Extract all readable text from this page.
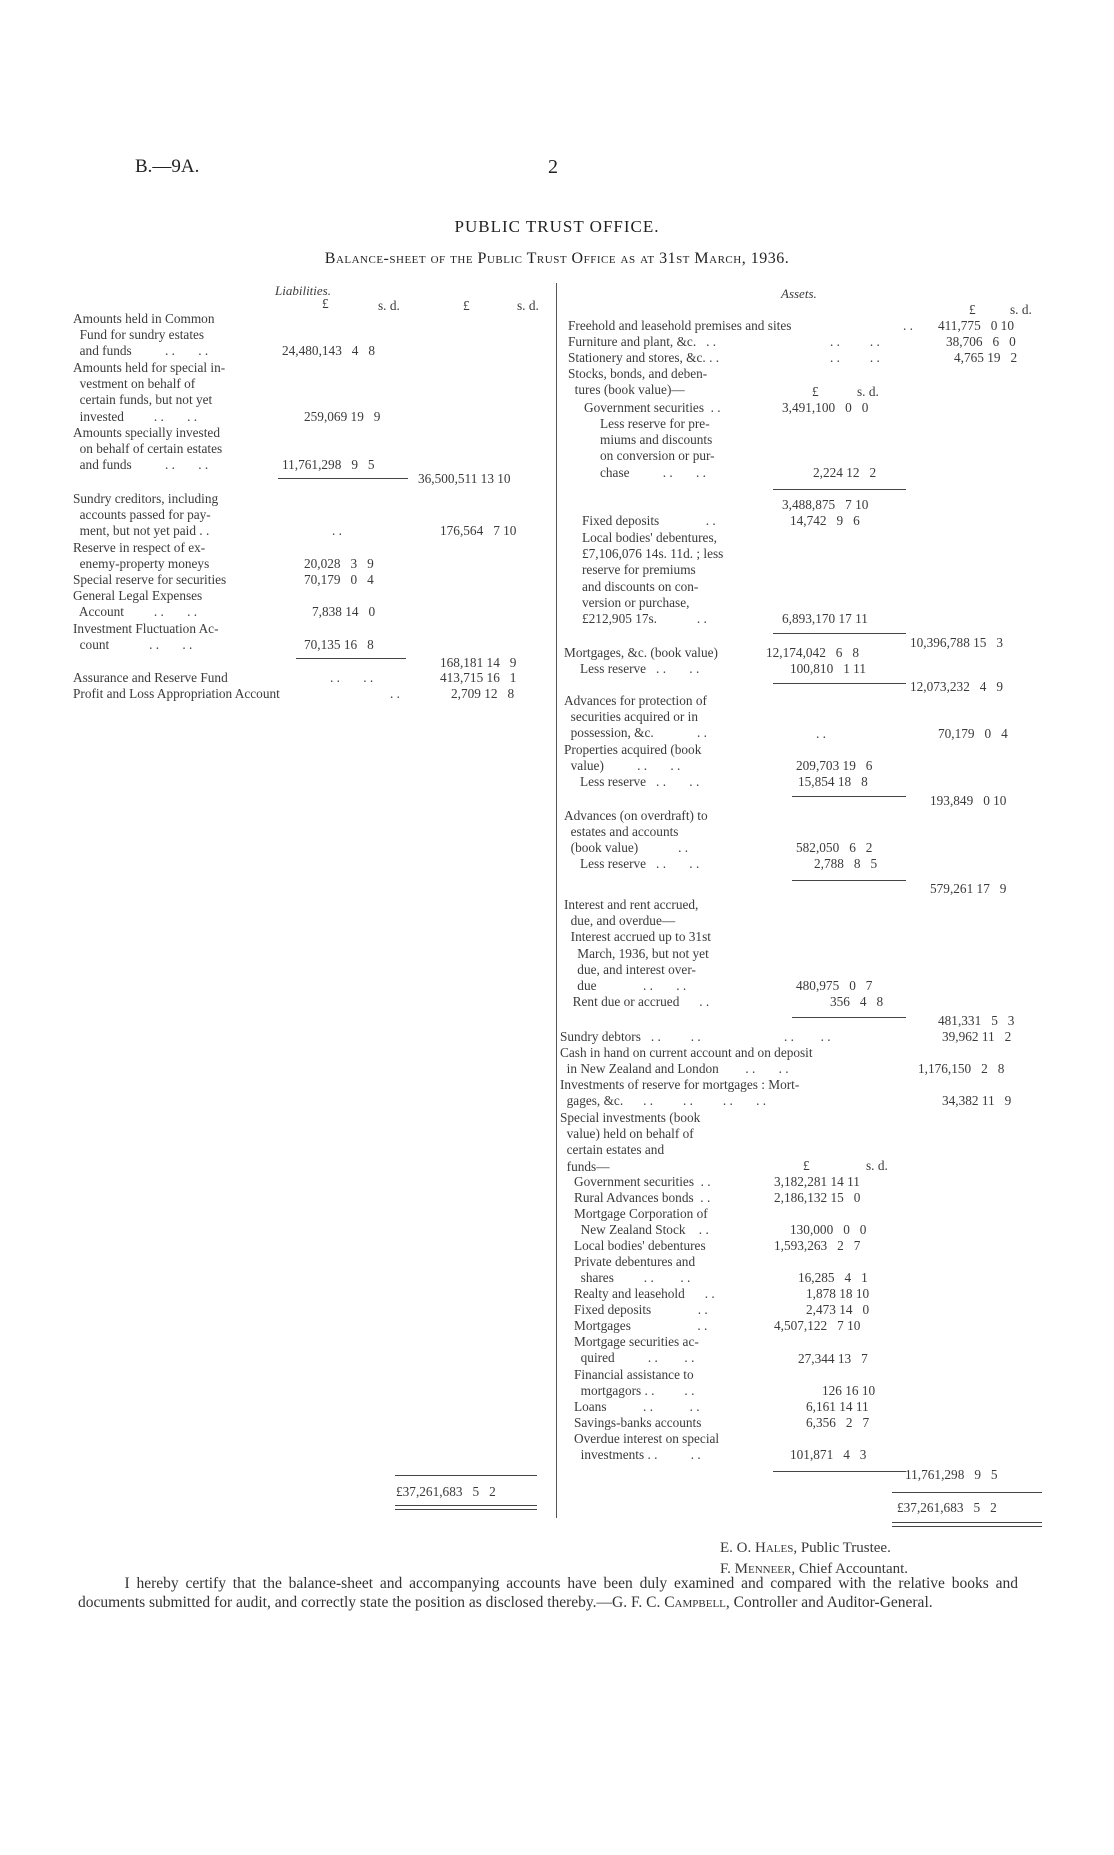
B.—9A.	2
PUBLIC TRUST OFFICE.
Balance-sheet of the Public Trust Office as at 31st March, 1936.
Liabilities.
£	s. d.	£	s. d.
Amounts held in Common
Fund for sundry estates
and funds          . .       . .	24,480,143   4   8
Amounts held for special in-
vestment on behalf of
certain funds, but not yet
invested         . .       . .	259,069 19   9
Amounts specially invested
on behalf of certain estates
and funds          . .       . .	11,761,298   9   5
36,500,511 13 10
Sundry creditors, including
accounts passed for pay-
ment, but not yet paid . .	. .	176,564   7 10
Reserve in respect of ex-
enemy-property moneys	20,028   3   9
Special reserve for securities	70,179   0   4
General Legal Expenses
Account         . .       . .	7,838 14   0
Investment Fluctuation Ac-
count            . .       . .	70,135 16   8
168,181 14   9
Assurance and Reserve Fund	. .       . .	413,715 16   1
Profit and Loss Appropriation Account	. .	2,709 12   8
£37,261,683   5   2
Assets.
£	s. d.
Freehold and leasehold premises and sites	. . 411,775   0 10
Furniture and plant, &c.   . .	. .         . .	38,706   6   0
Stationery and stores, &c. . .	. .         . .	4,765 19   2
Stocks, bonds, and deben-
tures (book value)—	£	s. d.
Government securities  . .	3,491,100   0   0
Less reserve for pre-
miums and discounts
on conversion or pur-
chase          . .       . .	2,224 12   2
3,488,875   7 10
Fixed deposits              . .	14,742   9   6
Local bodies' debentures,
£7,106,076 14s. 11d. ; less
reserve for premiums
and discounts on con-
version or purchase,
£212,905 17s.            . .	6,893,170 17 11
10,396,788 15   3
Mortgages, &c. (book value)	12,174,042   6   8
Less reserve   . .       . .	100,810   1 11
12,073,232   4   9
Advances for protection of
securities acquired or in
possession, &c.             . .	. .	70,179   0   4
Properties acquired (book
value)          . .       . .	209,703 19   6
Less reserve   . .       . .	15,854 18   8
193,849   0 10
Advances (on overdraft) to
estates and accounts
(book value)            . .	582,050   6   2
Less reserve   . .       . .	2,788   8   5
579,261 17   9
Interest and rent accrued,
due, and overdue—
Interest accrued up to 31st
March, 1936, but not yet
due, and interest over-
due              . .       . .	480,975   0   7
Rent due or accrued      . .	356   4   8
481,331   5   3
Sundry debtors   . .         . .	. .        . .	39,962 11   2
Cash in hand on current account and on deposit
in New Zealand and London        . .       . .	1,176,150   2   8
Investments of reserve for mortgages : Mort-
gages, &c.      . .         . .         . .       . .	34,382 11   9
Special investments (book
value) held on behalf of
certain estates and
funds—	£	s. d.
Government securities  . .	3,182,281 14 11
Rural Advances bonds  . .	2,186,132 15   0
Mortgage Corporation of
New Zealand Stock    . .	130,000   0   0
Local bodies' debentures	1,593,263   2   7
Private debentures and
shares         . .        . .	16,285   4   1
Realty and leasehold      . .	1,878 18 10
Fixed deposits              . .	2,473 14   0
Mortgages                    . .	4,507,122   7 10
Mortgage securities ac-
quired          . .        . .	27,344 13   7
Financial assistance to
mortgagors . .         . .	126 16 10
Loans           . .           . .	6,161 14 11
Savings-banks accounts	6,356   2   7
Overdue interest on special
investments . .          . .	101,871   4   3
11,761,298   9   5
£37,261,683   5   2
E. O. Hales, Public Trustee.
F. Menneer, Chief Accountant.
   I hereby certify that the balance-sheet and accompanying accounts have been duly examined and compared with the relative books and documents submitted for audit, and correctly state the position as disclosed thereby.—G. F. C. Campbell, Controller and Auditor-General.
